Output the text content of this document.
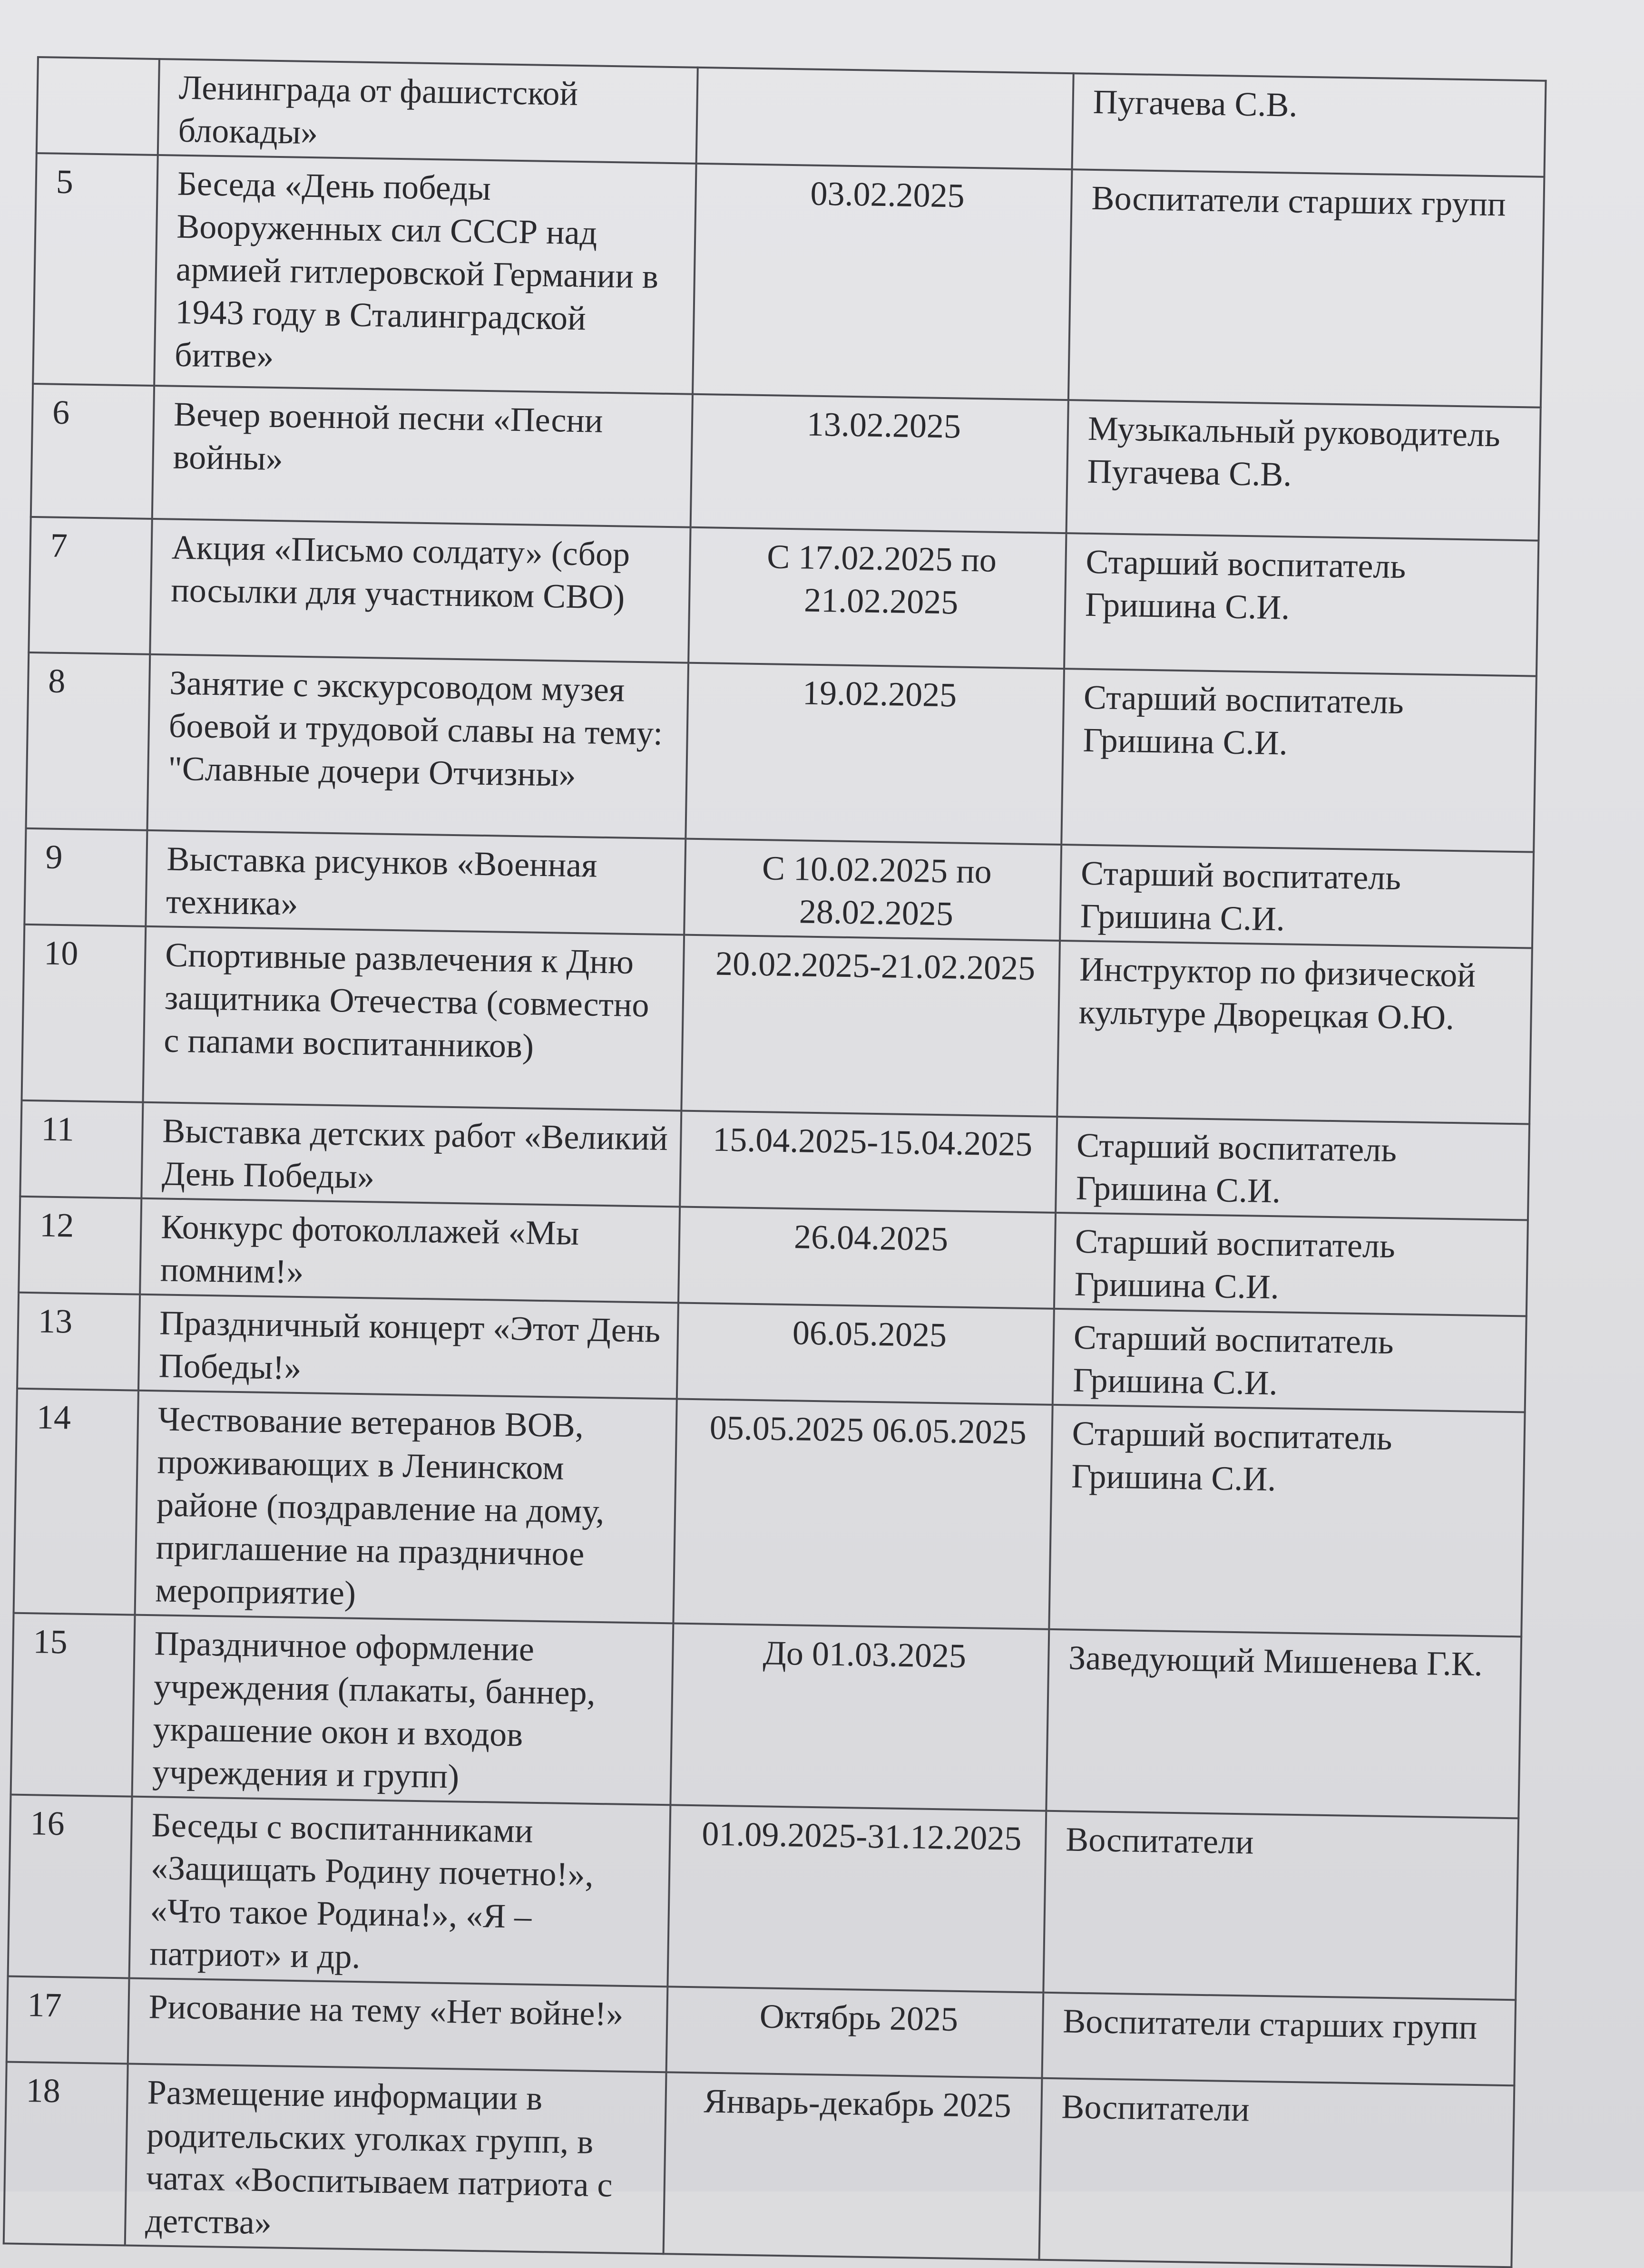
	Ленинграда от фашистской блокады»		Пугачева С.В.
5	Беседа «День победы Вооруженных сил СССР над армией гитлеровской Германии в 1943 году в Сталинградской битве»	03.02.2025	Воспитатели старших групп
6	Вечер военной песни «Песни войны»	13.02.2025	Музыкальный руководитель Пугачева С.В.
7	Акция «Письмо солдату» (сбор посылки для участником СВО)	С 17.02.2025 по 21.02.2025	Старший воспитатель Гришина С.И.
8	Занятие с экскурсоводом музея боевой и трудовой славы на тему: "Славные дочери Отчизны»	19.02.2025	Старший воспитатель Гришина С.И.
9	Выставка рисунков «Военная техника»	С 10.02.2025 по 28.02.2025	Старший воспитатель Гришина С.И.
10	Спортивные развлечения к Дню защитника Отечества (совместно с папами воспитанников)	20.02.2025-21.02.2025	Инструктор по физической культуре Дворецкая О.Ю.
11	Выставка детских работ «Великий День Победы»	15.04.2025-15.04.2025	Старший воспитатель Гришина С.И.
12	Конкурс фотоколлажей «Мы помним!»	26.04.2025	Старший воспитатель Гришина С.И.
13	Праздничный концерт «Этот День Победы!»	06.05.2025	Старший воспитатель Гришина С.И.
14	Чествование ветеранов ВОВ, проживающих в Ленинском районе (поздравление на дому, приглашение на праздничное мероприятие)	05.05.2025 06.05.2025	Старший воспитатель Гришина С.И.
15	Праздничное оформление учреждения (плакаты, баннер, украшение окон и входов учреждения и групп)	До 01.03.2025	Заведующий Мишенева Г.К.
16	Беседы с воспитанниками «Защищать Родину почетно!», «Что такое Родина!», «Я – патриот» и др.	01.09.2025-31.12.2025	Воспитатели
17	Рисование на тему «Нет войне!»	Октябрь 2025	Воспитатели старших групп
18	Размещение информации в родительских уголках групп, в чатах «Воспитываем патриота с детства»	Январь-декабрь 2025	Воспитатели
